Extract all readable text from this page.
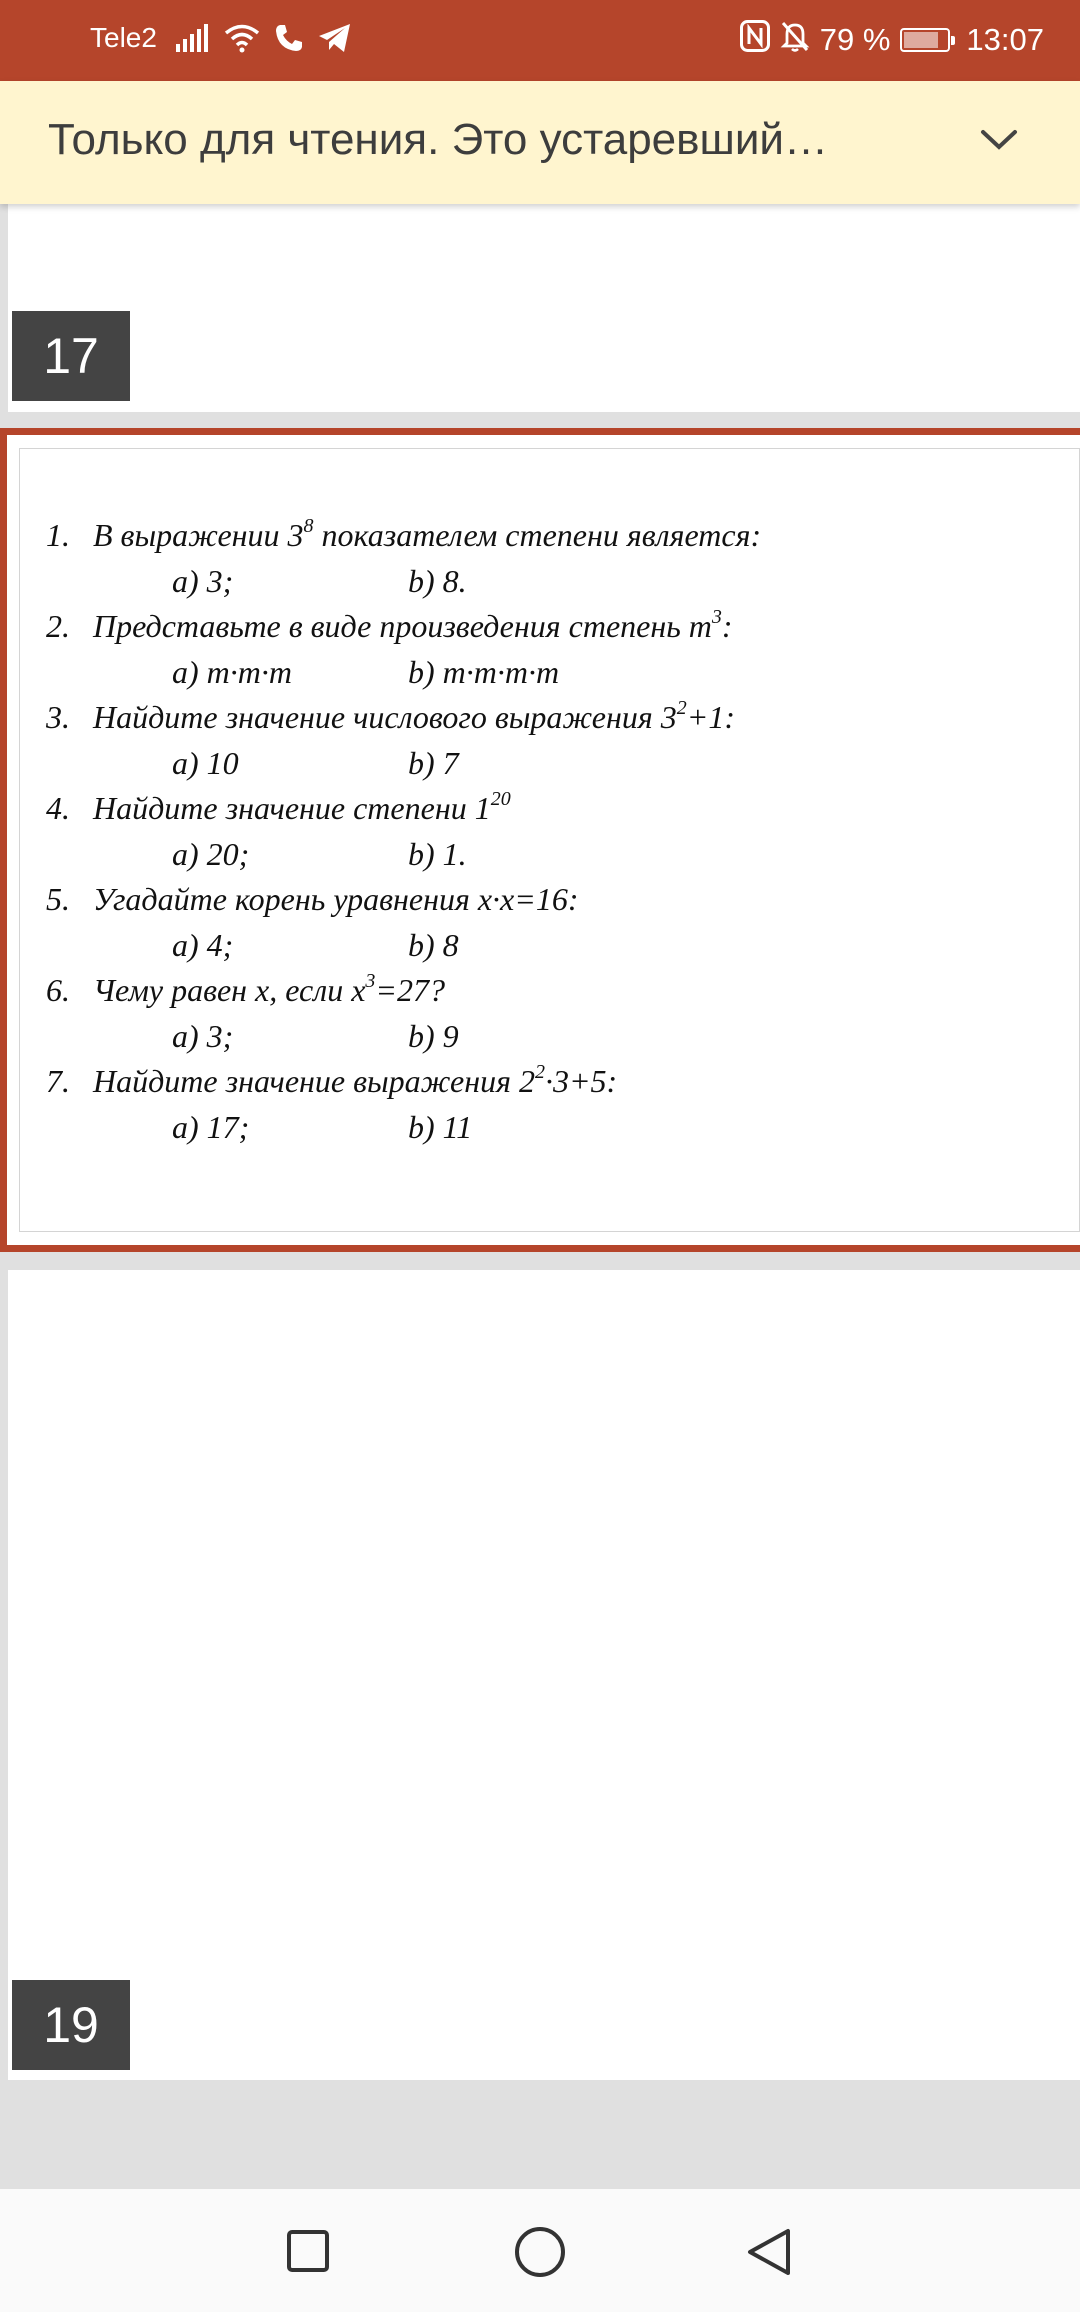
Tele2	79 % 13:07
Только для чтения. Это устаревший…
17
1. В выражении $3^8$ показателем степени является:
a) 3;	b) 8.
2. Представьте в виде произведения степень $m^3$:
a) m·m·m	b) m·m·m·m
3. Найдите значение числового выражения $3^2+1$:
a) 10	b) 7
4. Найдите значение степени $1^{20}$
a) 20;	b) 1.
5. Угадайте корень уравнения x·x=16:
a) 4;	b) 8
6. Чему равен x, если $x^3=27$?
a) 3;	b) 9
7. Найдите значение выражения $2^2\cdot 3+5$:
a) 17;	b) 11
19
